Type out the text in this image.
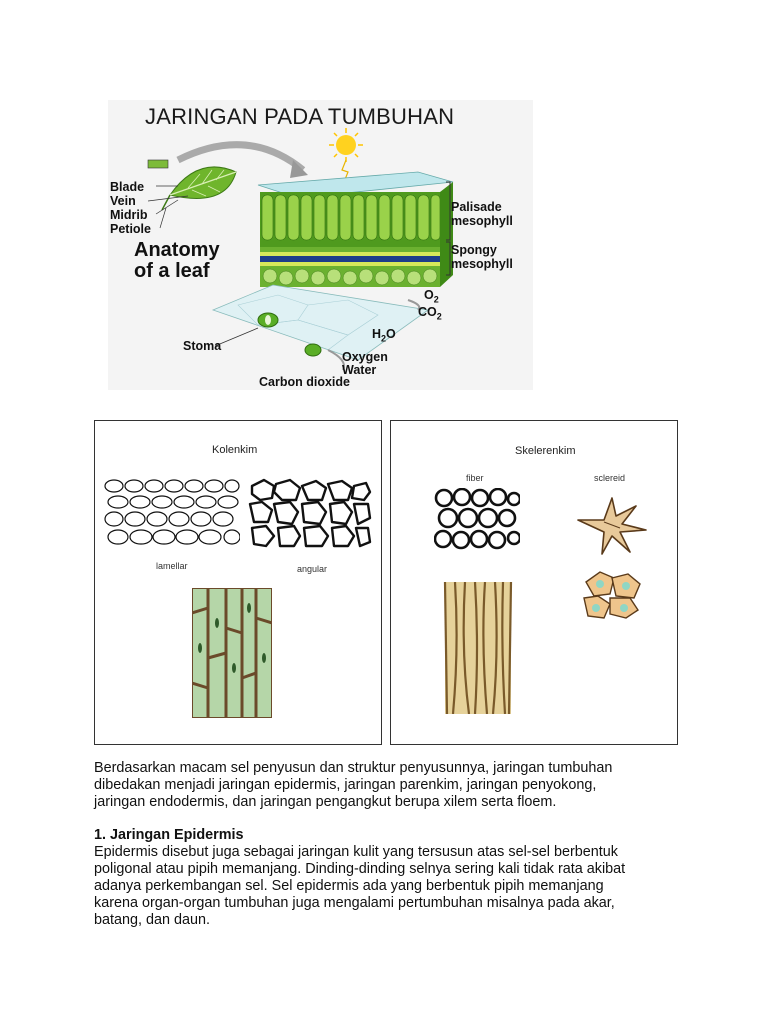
JARINGAN PADA TUMBUHAN
Blade
Vein
Midrib
Petiole
Anatomy
of a leaf
Palisade
mesophyll
Spongy
mesophyll
$O_2$
$CO_2$
$H_2O$
Stoma
Oxygen
Water
Carbon dioxide
Kolenkim
lamellar	angular
Skelerenkim
fiber	sclereid
Berdasarkan macam sel penyusun dan struktur penyusunnya, jaringan tumbuhan
dibedakan menjadi jaringan epidermis, jaringan parenkim, jaringan penyokong,
jaringan endodermis, dan jaringan pengangkut berupa xilem serta floem.
1. Jaringan Epidermis
Epidermis disebut juga sebagai jaringan kulit yang tersusun atas sel-sel berbentuk
poligonal atau pipih memanjang. Dinding-dinding selnya sering kali tidak rata akibat
adanya perkembangan sel. Sel epidermis ada yang berbentuk pipih memanjang
karena organ-organ tumbuhan juga mengalami pertumbuhan misalnya pada akar,
batang, dan daun.
